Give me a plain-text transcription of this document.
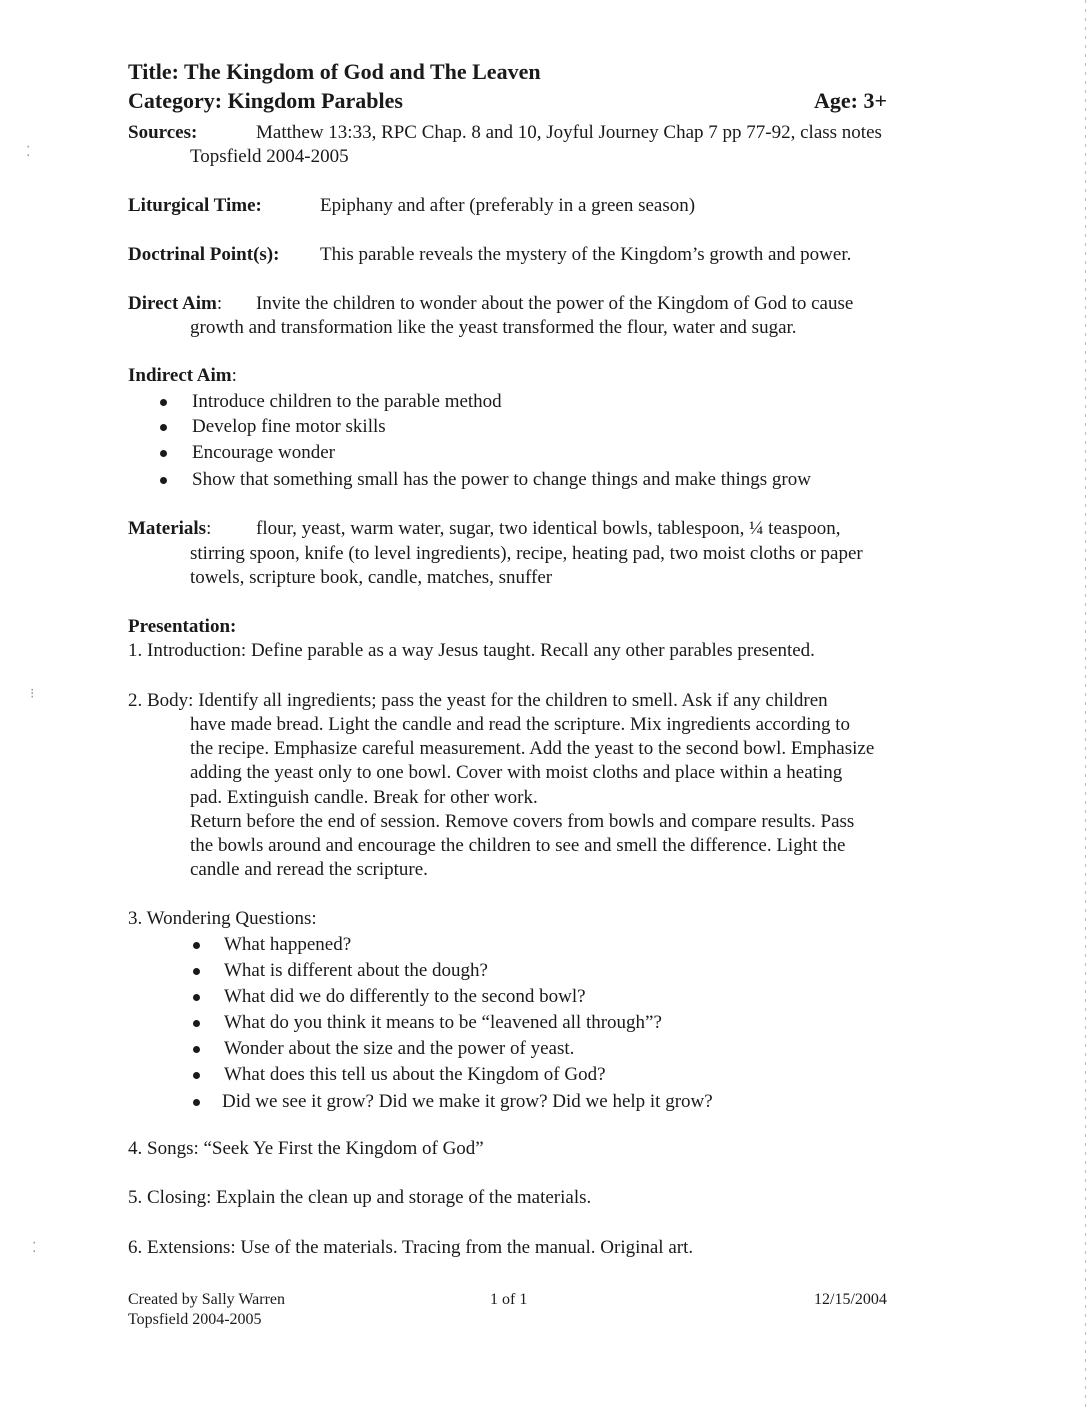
⁚
⁝
⁚
Title: The Kingdom of God and The Leaven
Category: Kingdom Parables	Age: 3+
Sources:	Matthew 13:33, RPC Chap. 8 and 10, Joyful Journey Chap 7 pp 77-92, class notes
Topsfield 2004-2005
Liturgical Time:	Epiphany and after (preferably in a green season)
Doctrinal Point(s): This parable reveals the mystery of the Kingdom’s growth and power.
Direct Aim: Invite the children to wonder about the power of the Kingdom of God to cause
growth and transformation like the yeast transformed the flour, water and sugar.
Indirect Aim:
Introduce children to the parable method
Develop fine motor skills
Encourage wonder
Show that something small has the power to change things and make things grow
Materials: flour, yeast, warm water, sugar, two identical bowls, tablespoon, ¼ teaspoon,
stirring spoon, knife (to level ingredients), recipe, heating pad, two moist cloths or paper
towels, scripture book, candle, matches, snuffer
Presentation:
1. Introduction: Define parable as a way Jesus taught. Recall any other parables presented.
2. Body: Identify all ingredients; pass the yeast for the children to smell. Ask if any children
have made bread. Light the candle and read the scripture. Mix ingredients according to
the recipe. Emphasize careful measurement. Add the yeast to the second bowl. Emphasize
adding the yeast only to one bowl. Cover with moist cloths and place within a heating
pad. Extinguish candle. Break for other work.
Return before the end of session. Remove covers from bowls and compare results. Pass
the bowls around and encourage the children to see and smell the difference. Light the
candle and reread the scripture.
3. Wondering Questions:
What happened?
What is different about the dough?
What did we do differently to the second bowl?
What do you think it means to be “leavened all through”?
Wonder about the size and the power of yeast.
What does this tell us about the Kingdom of God?
Did we see it grow? Did we make it grow? Did we help it grow?
4. Songs: “Seek Ye First the Kingdom of God”
5. Closing: Explain the clean up and storage of the materials.
6. Extensions: Use of the materials. Tracing from the manual. Original art.
Created by Sally Warren
Topsfield 2004-2005
1 of 1	12/15/2004
